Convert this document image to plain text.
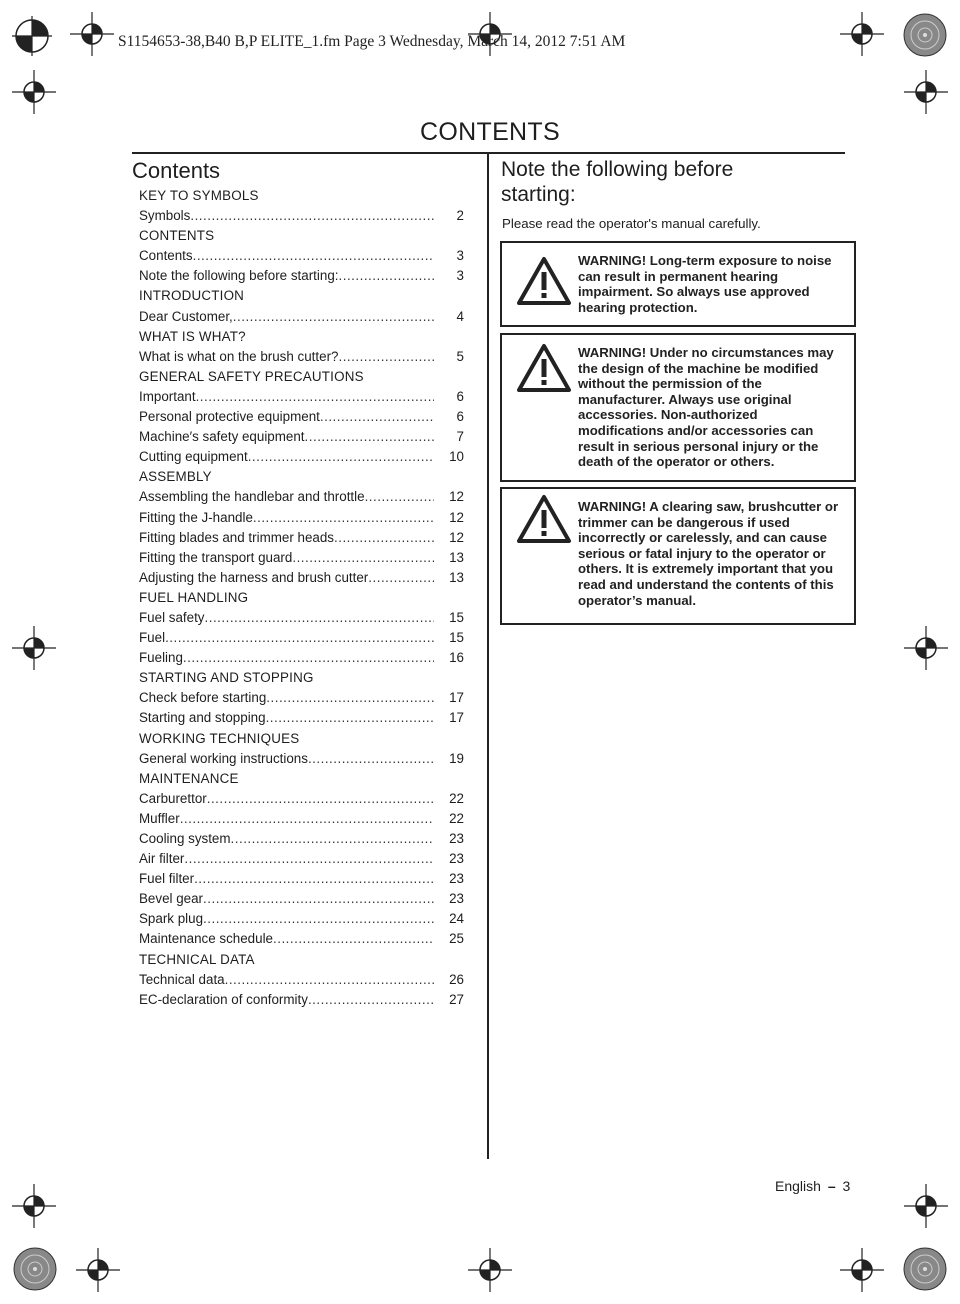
S1154653-38,B40 B,P ELITE_1.fm Page 3 Wednesday, March 14, 2012 7:51 AM
CONTENTS
Contents
KEY TO SYMBOLS
Symbols .....	2
CONTENTS
Contents .....	3
Note the following before starting: .....	3
INTRODUCTION
Dear Customer, .....	4
WHAT IS WHAT?
What is what on the brush cutter? .....	5
GENERAL SAFETY PRECAUTIONS
Important .....	6
Personal protective equipment .....	6
Machine′s safety equipment .....	7
Cutting equipment .....	10
ASSEMBLY
Assembling the handlebar and throttle .....	12
Fitting the J-handle .....	12
Fitting blades and trimmer heads .....	12
Fitting the transport guard .....	13
Adjusting the harness and brush cutter .....	13
FUEL HANDLING
Fuel safety .....	15
Fuel .....	15
Fueling .....	16
STARTING AND STOPPING
Check before starting .....	17
Starting and stopping .....	17
WORKING TECHNIQUES
General working instructions .....	19
MAINTENANCE
Carburettor .....	22
Muffler .....	22
Cooling system .....	23
Air filter .....	23
Fuel filter .....	23
Bevel gear .....	23
Spark plug .....	24
Maintenance schedule .....	25
TECHNICAL DATA
Technical data .....	26
EC-declaration of conformity .....	27
Note the following before starting:
Please read the operator's manual carefully.
WARNING! Long-term exposure to noise can result in permanent hearing impairment. So always use approved hearing protection.
WARNING! Under no circumstances may the design of the machine be modified without the permission of the manufacturer. Always use original accessories. Non-authorized modifications and/or accessories can result in serious personal injury or the death of the operator or others.
WARNING! A clearing saw, brushcutter or trimmer can be dangerous if used incorrectly or carelessly, and can cause serious or fatal injury to the operator or others. It is extremely important that you read and understand the contents of this operator’s manual.
English – 3
